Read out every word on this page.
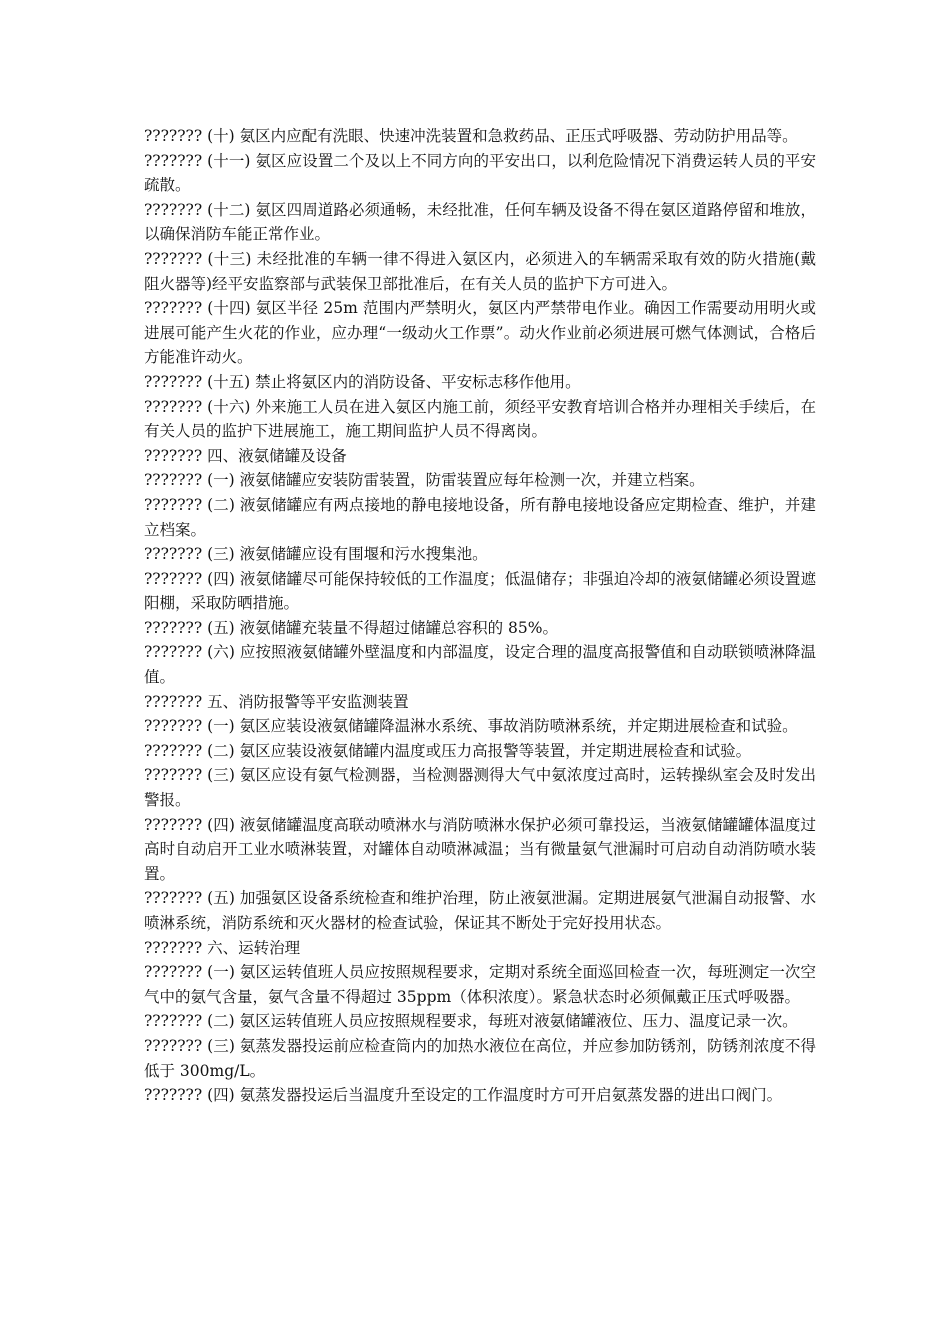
??????? (十) 氨区内应配有洗眼、快速冲洗装置和急救药品、正压式呼吸器、劳动防护用品等。

??????? (十一) 氨区应设置二个及以上不同方向的平安出口，以利危险情况下消费运转人员的平安疏散。

??????? (十二) 氨区四周道路必须通畅，未经批准，任何车辆及设备不得在氨区道路停留和堆放，以确保消防车能正常作业。

??????? (十三) 未经批准的车辆一律不得进入氨区内，必须进入的车辆需采取有效的防火措施(戴阻火器等)经平安监察部与武装保卫部批准后，在有关人员的监护下方可进入。

??????? (十四) 氨区半径 25m 范围内严禁明火，氨区内严禁带电作业。确因工作需要动用明火或进展可能产生火花的作业，应办理“一级动火工作票”。动火作业前必须进展可燃气体测试，合格后方能准许动火。

??????? (十五) 禁止将氨区内的消防设备、平安标志移作他用。

??????? (十六) 外来施工人员在进入氨区内施工前，须经平安教育培训合格并办理相关手续后，在有关人员的监护下进展施工，施工期间监护人员不得离岗。

??????? 四、液氨储罐及设备

??????? (一) 液氨储罐应安装防雷装置，防雷装置应每年检测一次，并建立档案。

??????? (二) 液氨储罐应有两点接地的静电接地设备，所有静电接地设备应定期检查、维护，并建立档案。

??????? (三) 液氨储罐应设有围堰和污水搜集池。

??????? (四) 液氨储罐尽可能保持较低的工作温度；低温储存；非强迫冷却的液氨储罐必须设置遮阳棚，采取防晒措施。

??????? (五) 液氨储罐充装量不得超过储罐总容积的 85%。

??????? (六) 应按照液氨储罐外壁温度和内部温度，设定合理的温度高报警值和自动联锁喷淋降温值。

??????? 五、消防报警等平安监测装置

??????? (一) 氨区应装设液氨储罐降温淋水系统、事故消防喷淋系统，并定期进展检查和试验。

??????? (二) 氨区应装设液氨储罐内温度或压力高报警等装置，并定期进展检查和试验。

??????? (三) 氨区应设有氨气检测器，当检测器测得大气中氨浓度过高时，运转操纵室会及时发出警报。

??????? (四) 液氨储罐温度高联动喷淋水与消防喷淋水保护必须可靠投运，当液氨储罐罐体温度过高时自动启开工业水喷淋装置，对罐体自动喷淋减温；当有微量氨气泄漏时可启动自动消防喷水装置。

??????? (五) 加强氨区设备系统检查和维护治理，防止液氨泄漏。定期进展氨气泄漏自动报警、水喷淋系统，消防系统和灭火器材的检查试验，保证其不断处于完好投用状态。

??????? 六、运转治理

??????? (一) 氨区运转值班人员应按照规程要求，定期对系统全面巡回检查一次，每班测定一次空气中的氨气含量，氨气含量不得超过 35ppm（体积浓度）。紧急状态时必须佩戴正压式呼吸器。

??????? (二) 氨区运转值班人员应按照规程要求，每班对液氨储罐液位、压力、温度记录一次。

??????? (三) 氨蒸发器投运前应检查筒内的加热水液位在高位，并应参加防锈剂，防锈剂浓度不得低于 300mg/L。

??????? (四) 氨蒸发器投运后当温度升至设定的工作温度时方可开启氨蒸发器的进出口阀门。
